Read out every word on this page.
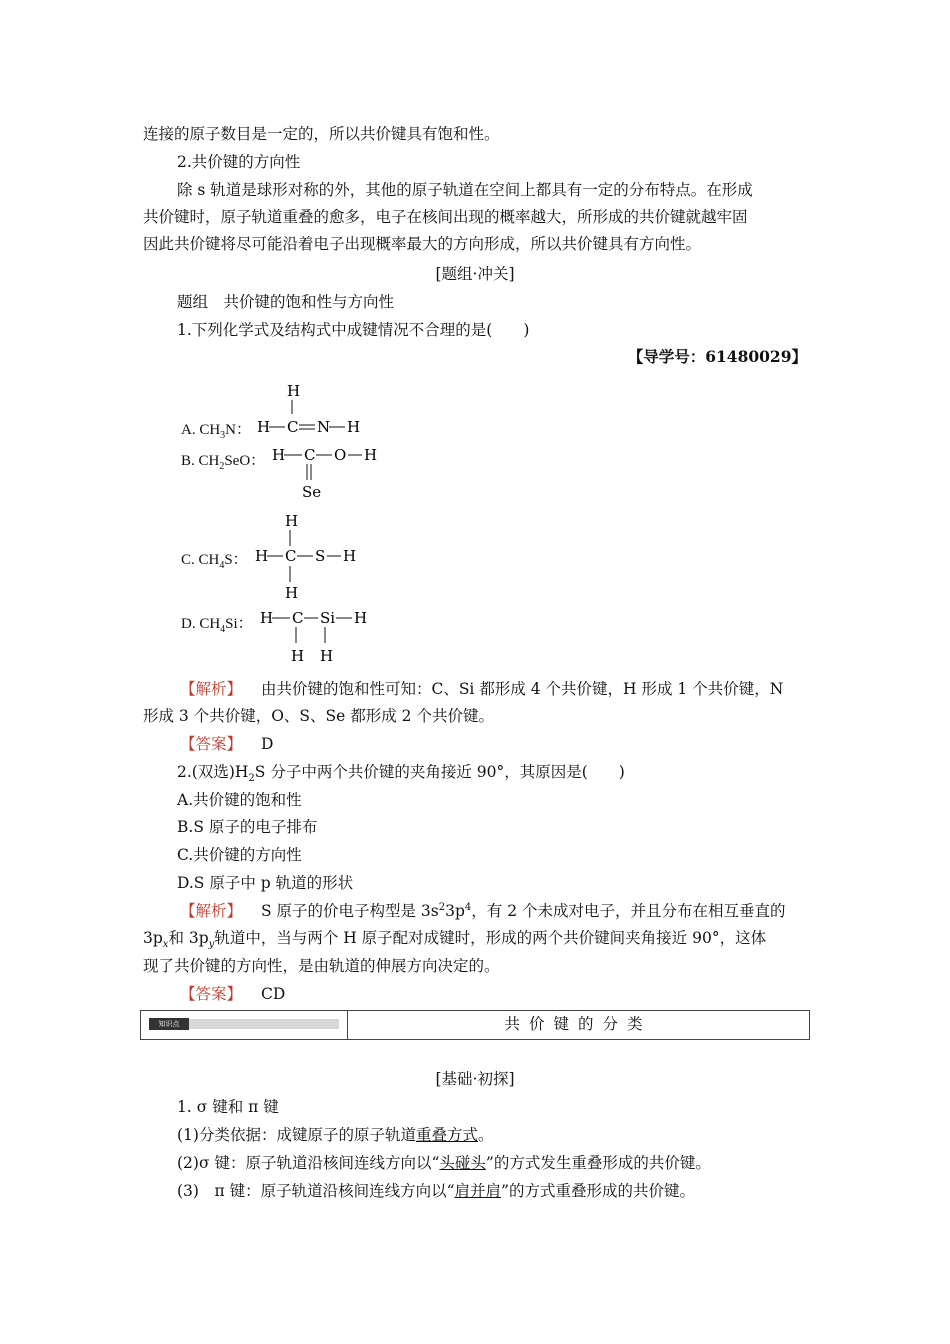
连接的原子数目是一定的，所以共价键具有饱和性。
2.共价键的方向性
除 s 轨道是球形对称的外，其他的原子轨道在空间上都具有一定的分布特点。在形成
共价键时，原子轨道重叠的愈多，电子在核间出现的概率越大，所形成的共价键就越牢固
因此共价键将尽可能沿着电子出现概率最大的方向形成，所以共价键具有方向性。
[题组·冲关]
题组　共价键的饱和性与方向性
1.下列化学式及结构式中成键情况不合理的是(　　)
【导学号：61480029】
A. $CH_3N$：
H
H C N H
B. $CH_2SeO$： H C O H
Se
C. $CH_4S$：
H
H C S H
H
D. $CH_4Si$： H C Si H
H H
【解析】 由共价键的饱和性可知：C、Si 都形成 4 个共价键，H 形成 1 个共价键，N
形成 3 个共价键，O、S、Se 都形成 2 个共价键。
【答案】 D
2.(双选)$H_2S$ 分子中两个共价键的夹角接近 90°，其原因是(　　)
A.共价键的饱和性
B.S 原子的电子排布
C.共价键的方向性
D.S 原子中 p 轨道的形状
【解析】 S 原子的价电子构型是 $3s^23p^4$，有 2 个未成对电子，并且分布在相互垂直的
$3p_x$和 $3p_y$轨道中，当与两个 H 原子配对成键时，形成的两个共价键间夹角接近 90°，这体
现了共价键的方向性，是由轨道的伸展方向决定的。
【答案】 CD
知识点	共价键的分类
[基础·初探]
1. σ 键和 π 键
(1)分类依据：成键原子的原子轨道重叠方式。
(2)σ 键：原子轨道沿核间连线方向以“头碰头”的方式发生重叠形成的共价键。
(3)　π 键：原子轨道沿核间连线方向以“肩并肩”的方式重叠形成的共价键。
